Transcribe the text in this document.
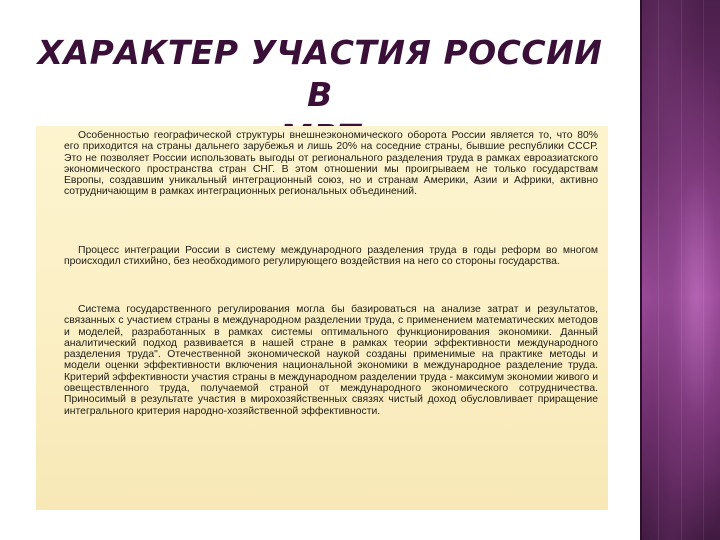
ХАРАКТЕР УЧАСТИЯ РОССИИ В

Особенностью географической структуры внешнеэкономического оборота России является то, что 80% его приходится на страны дальнего зарубежья и лишь 20% на соседние страны, бывшие республики СССР. Это не позволяет России использовать выгоды от регионального разделения труда в рамках евроазиатского экономического пространства стран СНГ. В этом отношении мы проигрываем не только государствам Европы, создавшим уникальный интеграционный союз, но и странам Америки, Азии и Африки, активно сотрудничающим в рамках интеграционных региональных объединений.

Процесс интеграции России в систему международного разделения труда в годы реформ во многом происходил стихийно, без необходимого регулирующего воздействия на него со стороны государства.

Система государственного регулирования могла бы базироваться на анализе затрат и результатов, связанных с участием страны в международном разделении труда, с применением математических методов и моделей, разработанных в рамках системы оптимального функционирования экономики. Данный аналитический подход развивается в нашей стране в рамках теории эффективности международного разделения труда". Отечественной экономической наукой созданы применимые на практике методы и модели оценки эффективности включения национальной экономики в международное разделение труда. Критерий эффективности участия страны в международном разделении труда - максимум экономии живого и овеществленного труда, получаемой страной от международного экономического сотрудничества. Приносимый в результате участия в мирохозяйственных связях чистый доход обусловливает приращение интегрального критерия народно-хозяйственной эффективности.
